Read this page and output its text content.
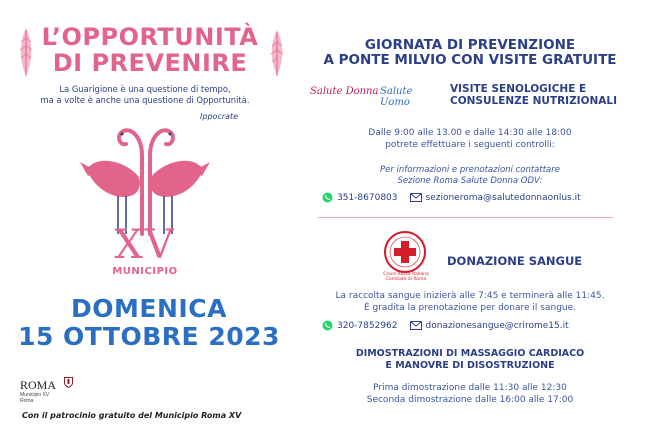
L’OPPORTUNITÀ
DI PREVENIRE
La Guarigione è una questione di tempo,
ma a volte è anche una questione di Opportunità.
Ippocrate
XV
MUNICIPIO
DOMENICA
15 OTTOBRE 2023
ROMA
Municipio XV
Roma
Con il patrocinio gratuito del Municipio Roma XV
GIORNATA DI PREVENZIONE
A PONTE MILVIO CON VISITE GRATUITE
Salute Donna Salute Uomo
VISITE SENOLOGICHE E
CONSULENZE NUTRIZIONALI
Dalle 9:00 alle 13.00 e dalle 14:30 alle 18:00
potrete effettuare i seguenti controlli:
Per informazioni e prenotazioni contattare
Sezione Roma Salute Donna ODV:
351-8670803	sezioneroma@salutedonnaonlus.it
Croce Rossa Italiana
Comitato di Roma
DONAZIONE SANGUE
La raccolta sangue inizierà alle 7:45 e terminerà alle 11:45.
È gradita la prenotazione per donare il sangue.
320-7852962	donazionesangue@crirome15.it
DIMOSTRAZIONI DI MASSAGGIO CARDIACO
E MANOVRE DI DISOSTRUZIONE
Prima dimostrazione dalle 11:30 alle 12:30
Seconda dimostrazione dalle 16:00 alle 17:00
